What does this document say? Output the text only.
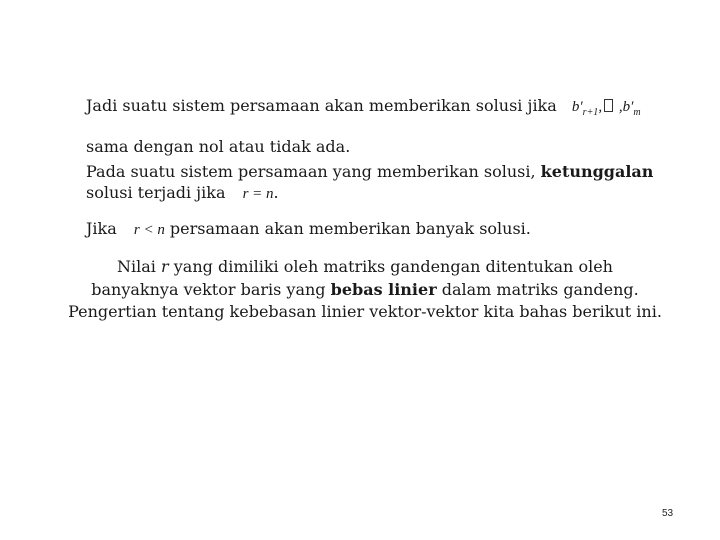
Jadi suatu sistem persamaan akan memberikan solusi jika $b'_{r+1}$, $,b'_m$
sama dengan nol atau tidak ada.
Pada suatu sistem persamaan yang memberikan solusi, ketunggalan
solusi terjadi jika r = n.
Jika r < n persamaan akan memberikan banyak solusi.
Nilai r yang dimiliki oleh matriks gandengan ditentukan oleh
banyaknya vektor baris yang bebas linier dalam matriks gandeng.
Pengertian tentang kebebasan linier vektor-vektor kita bahas berikut ini.
53
